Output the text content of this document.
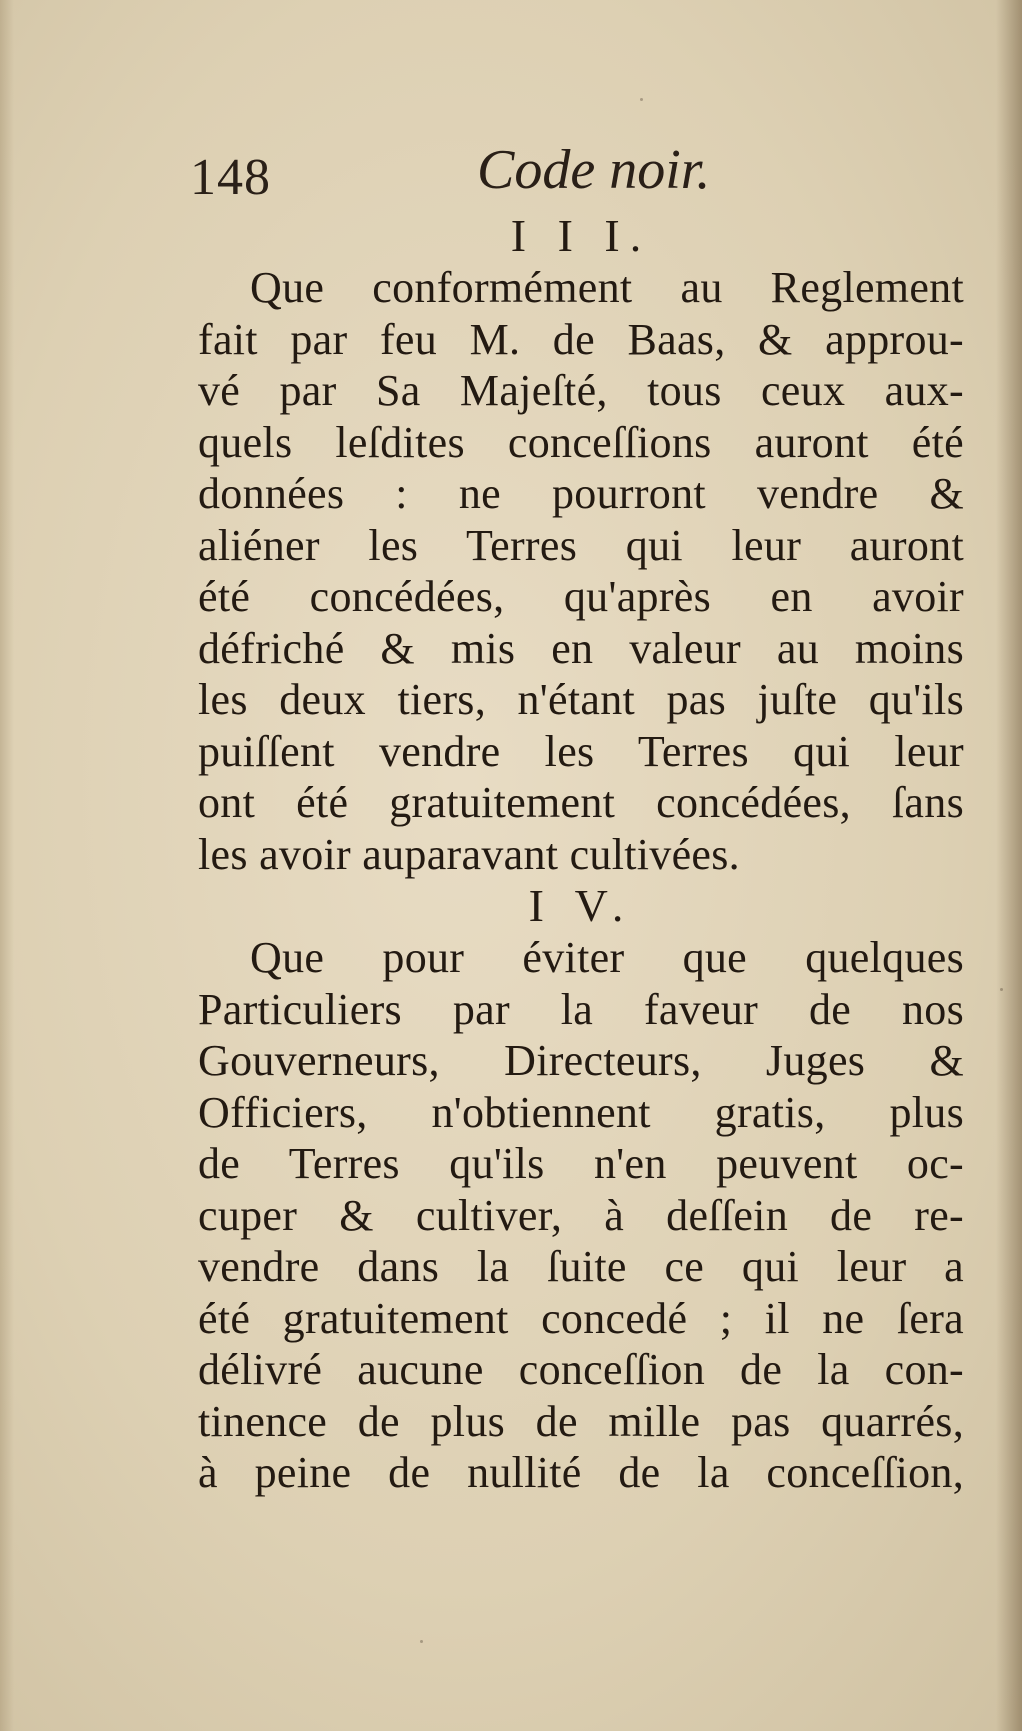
148	Code noir.
I I I.
Que conformément au Reglement
fait par feu M. de Baas, & approu-
vé par Sa Majeſté, tous ceux aux-
quels leſdites conceſſions auront été
données : ne pourront vendre &
aliéner les Terres qui leur auront
été concédées, qu'après en avoir
défriché & mis en valeur au moins
les deux tiers, n'étant pas juſte qu'ils
puiſſent vendre les Terres qui leur
ont été gratuitement concédées, ſans
les avoir auparavant cultivées.
I V.
Que pour éviter que quelques
Particuliers par la faveur de nos
Gouverneurs, Directeurs, Juges &
Officiers, n'obtiennent gratis, plus
de Terres qu'ils n'en peuvent oc-
cuper & cultiver, à deſſein de re-
vendre dans la ſuite ce qui leur a
été gratuitement concedé ; il ne ſera
délivré aucune conceſſion de la con-
tinence de plus de mille pas quarrés,
à peine de nullité de la conceſſion,
